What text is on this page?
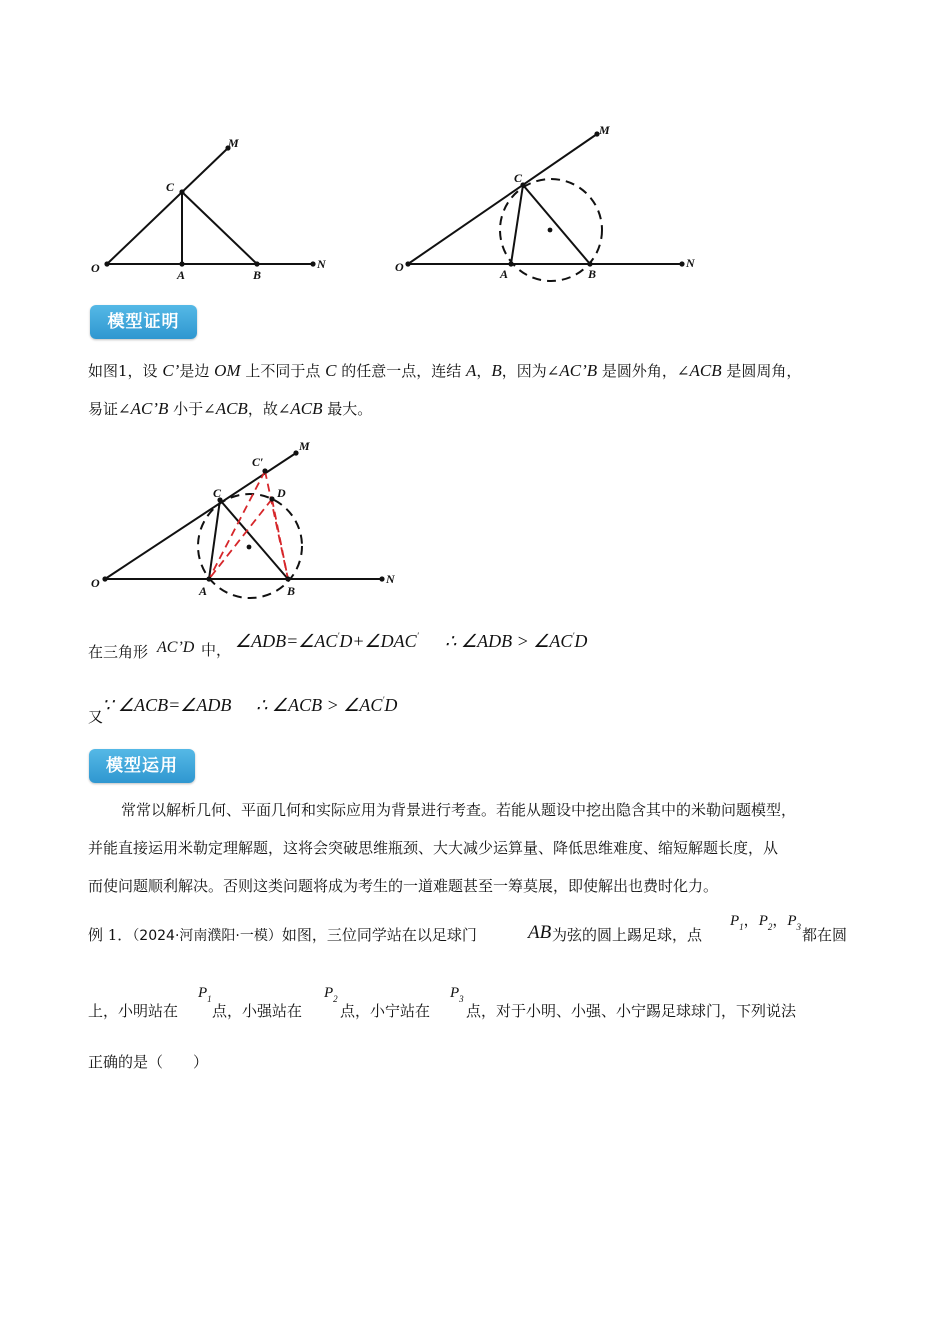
M
C
O	A	B
N
M
C
O	A	B
N
模型证明
如图1，设 C’是边 OM 上不同于点 C 的任意一点，连结 A，B，因为∠AC’B 是圆外角，∠ACB 是圆周角，
易证∠AC’B 小于∠ACB，故∠ACB 最大。
M
C′
C	D
O
A	B
N
在三角形 AC’D 中， ∠ADB=∠AC′D+∠DAC′ ∴ ∠ADB > ∠AC′D
又
∵ ∠ACB=∠ADB ∴ ∠ACB > ∠AC′D
模型运用
常常以解析几何、平面几何和实际应用为背景进行考查。若能从题设中挖出隐含其中的米勒问题模型，
并能直接运用米勒定理解题，这将会突破思维瓶颈、大大减少运算量、降低思维难度、缩短解题长度，从
而使问题顺利解决。否则这类问题将成为考生的一道难题甚至一筹莫展，即使解出也费时化力。
例 1．（2024·河南濮阳·一模）如图，三位同学站在以足球门	AB 为弦的圆上踢足球，点
$P_1$，$P_2$，$P_3$ 都在圆
上，小明站在
$P_1$
点，小强站在
$P_2$
点，小宁站在
$P_3$
点，对于小明、小强、小宁踢足球球门，下列说法
正确的是（　　）
